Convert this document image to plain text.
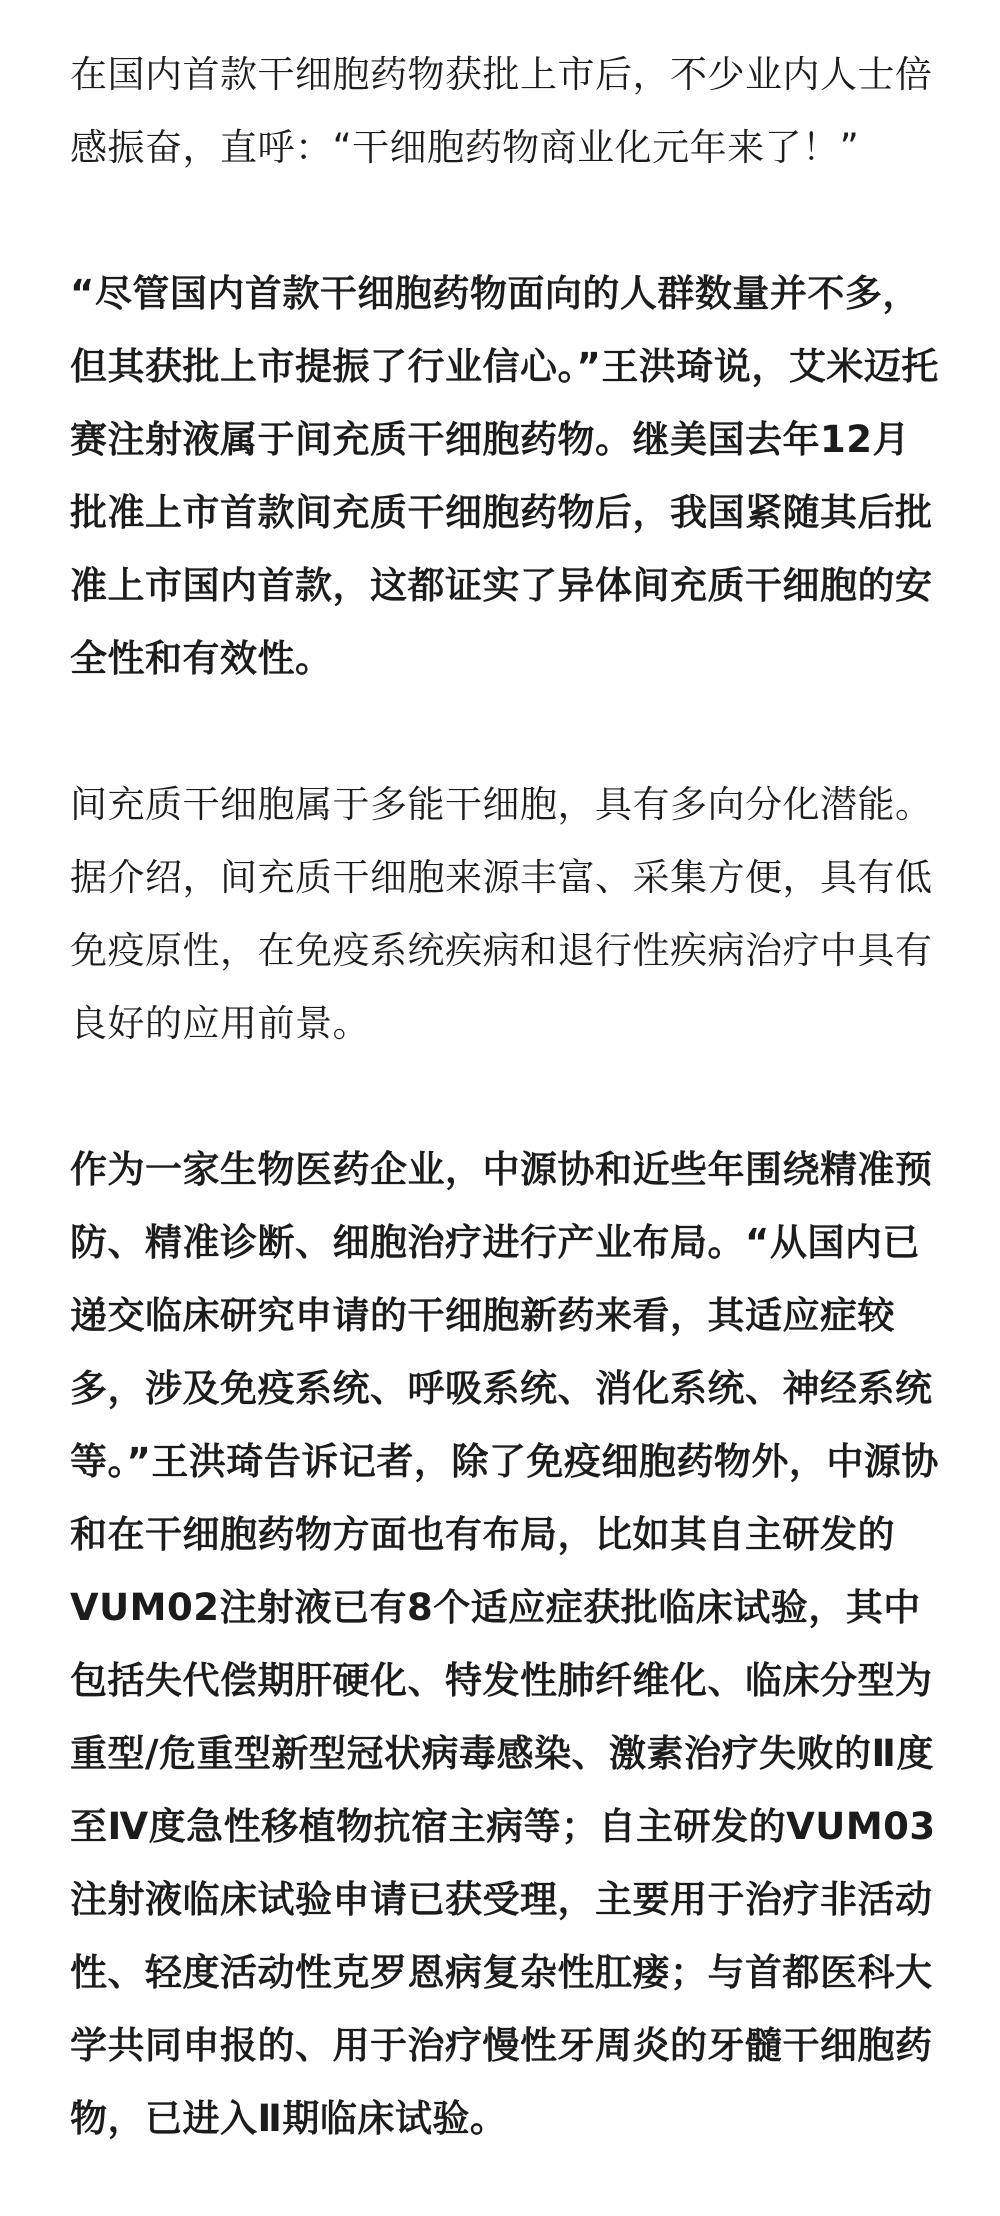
在国内首款干细胞药物获批上市后，不少业内人士倍感振奋，直呼：“干细胞药物商业化元年来了！”

“尽管国内首款干细胞药物面向的人群数量并不多，但其获批上市提振了行业信心。”王洪琦说，艾米迈托赛注射液属于间充质干细胞药物。继美国去年12月批准上市首款间充质干细胞药物后，我国紧随其后批准上市国内首款，这都证实了异体间充质干细胞的安全性和有效性。

间充质干细胞属于多能干细胞，具有多向分化潜能。据介绍，间充质干细胞来源丰富、采集方便，具有低免疫原性，在免疫系统疾病和退行性疾病治疗中具有良好的应用前景。

作为一家生物医药企业，中源协和近些年围绕精准预防、精准诊断、细胞治疗进行产业布局。“从国内已递交临床研究申请的干细胞新药来看，其适应症较多，涉及免疫系统、呼吸系统、消化系统、神经系统等。”王洪琦告诉记者，除了免疫细胞药物外，中源协和在干细胞药物方面也有布局，比如其自主研发的VUM02注射液已有8个适应症获批临床试验，其中包括失代偿期肝硬化、特发性肺纤维化、临床分型为重型/危重型新型冠状病毒感染、激素治疗失败的Ⅱ度至Ⅳ度急性移植物抗宿主病等；自主研发的VUM03注射液临床试验申请已获受理，主要用于治疗非活动性、轻度活动性克罗恩病复杂性肛瘘；与首都医科大学共同申报的、用于治疗慢性牙周炎的牙髓干细胞药物，已进入Ⅱ期临床试验。
